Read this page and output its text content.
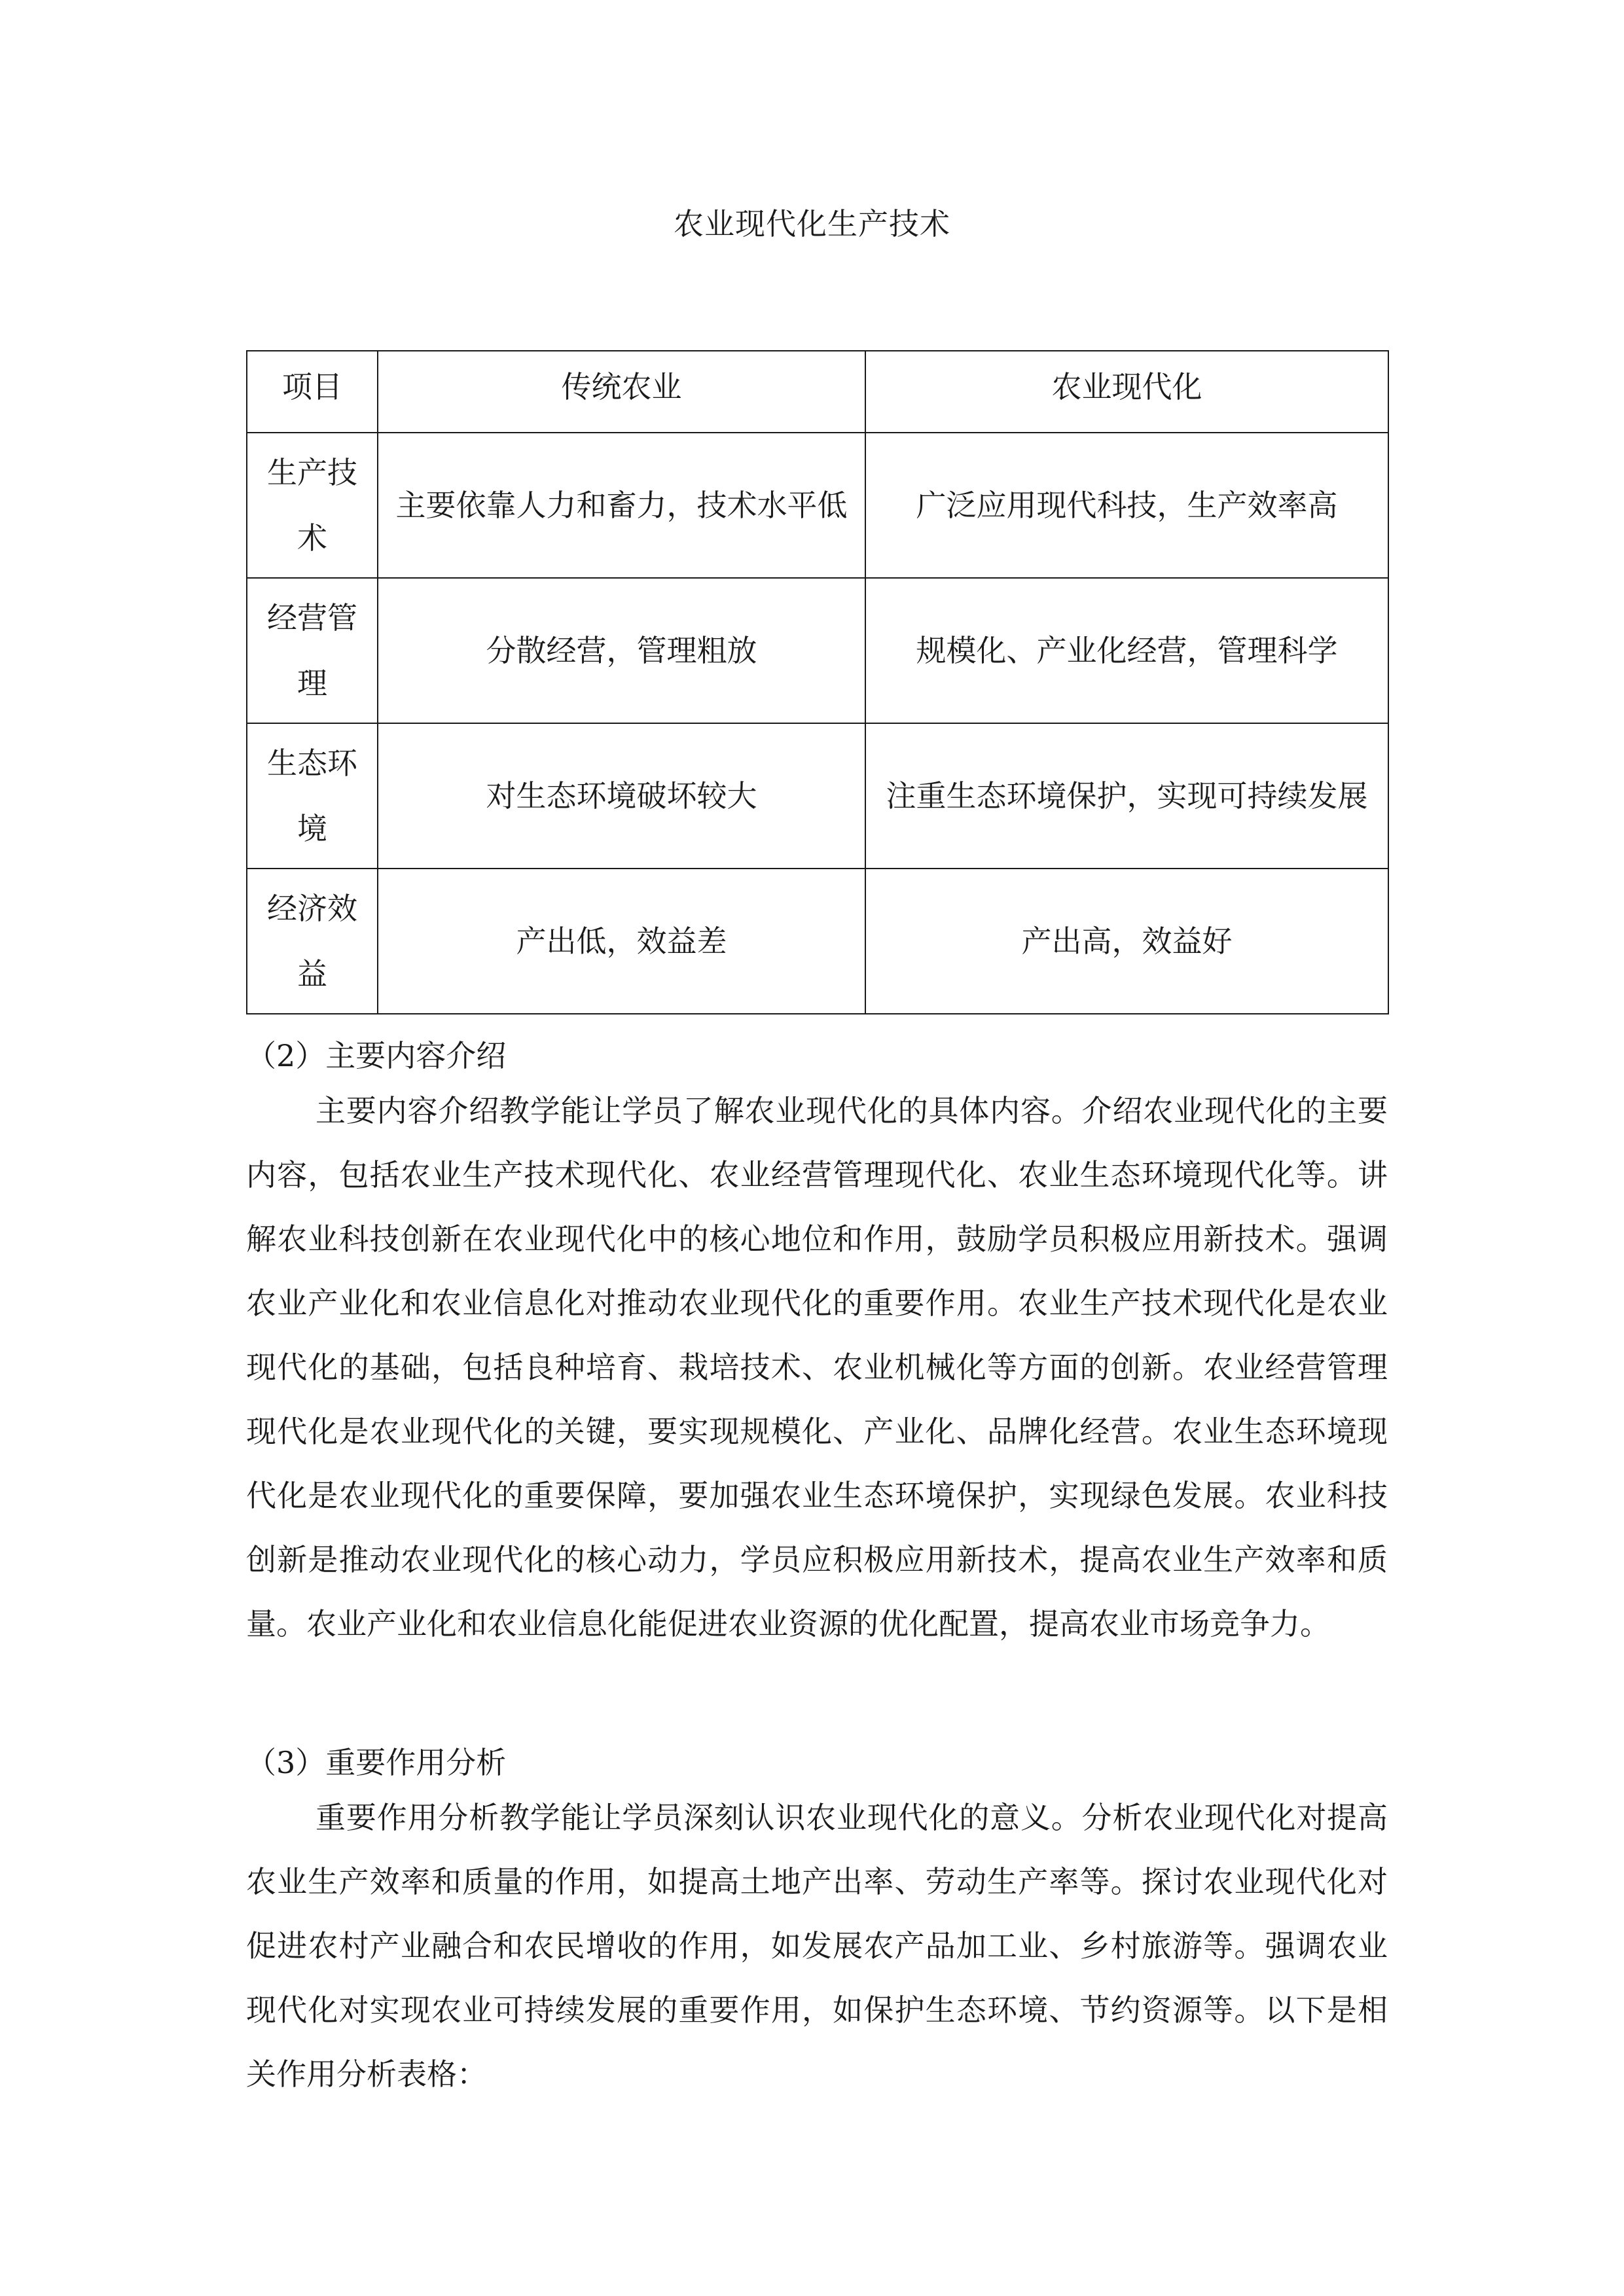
农业现代化生产技术
项目	传统农业	农业现代化
生产技术	主要依靠人力和畜力，技术水平低	广泛应用现代科技，生产效率高
经营管理	分散经营，管理粗放	规模化、产业化经营，管理科学
生态环境	对生态环境破坏较大	注重生态环境保护，实现可持续发展
经济效益	产出低，效益差	产出高，效益好
（2）主要内容介绍

主要内容介绍教学能让学员了解农业现代化的具体内容。介绍农业现代化的主要内容，包括农业生产技术现代化、农业经营管理现代化、农业生态环境现代化等。讲解农业科技创新在农业现代化中的核心地位和作用，鼓励学员积极应用新技术。强调农业产业化和农业信息化对推动农业现代化的重要作用。农业生产技术现代化是农业现代化的基础，包括良种培育、栽培技术、农业机械化等方面的创新。农业经营管理现代化是农业现代化的关键，要实现规模化、产业化、品牌化经营。农业生态环境现代化是农业现代化的重要保障，要加强农业生态环境保护，实现绿色发展。农业科技创新是推动农业现代化的核心动力，学员应积极应用新技术，提高农业生产效率和质量。农业产业化和农业信息化能促进农业资源的优化配置，提高农业市场竞争力。

（3）重要作用分析

重要作用分析教学能让学员深刻认识农业现代化的意义。分析农业现代化对提高农业生产效率和质量的作用，如提高土地产出率、劳动生产率等。探讨农业现代化对促进农村产业融合和农民增收的作用，如发展农产品加工业、乡村旅游等。强调农业现代化对实现农业可持续发展的重要作用，如保护生态环境、节约资源等。以下是相关作用分析表格：
